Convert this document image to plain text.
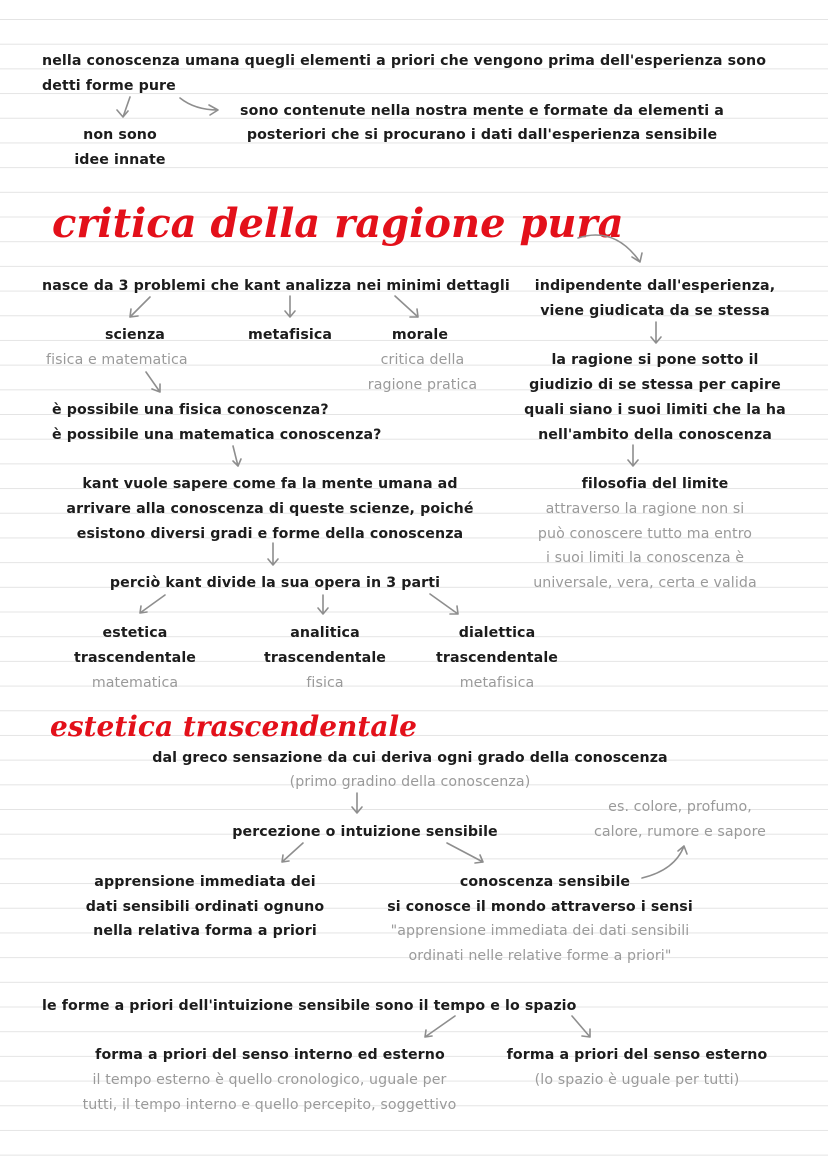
nella conoscenza umana quegli elementi a priori che vengono prima dell'esperienza sono
detti forme pure
non sono
idee innate
sono contenute nella nostra mente e formate da elementi a
posteriori che si procurano i dati dall'esperienza sensibile
critica della ragione pura
nasce da 3 problemi che kant analizza nei minimi dettagli
scienza
fisica e matematica
metafisica	morale
critica della
ragione pratica
è possibile una fisica conoscenza?
è possibile una matematica conoscenza?
kant vuole sapere come fa la mente umana ad
arrivare alla conoscenza di queste scienze, poiché
esistono diversi gradi e forme della conoscenza
perciò kant divide la sua opera in 3 parti
estetica
trascendentale
matematica
analitica
trascendentale
fisica
dialettica
trascendentale
metafisica
indipendente dall'esperienza,
viene giudicata da se stessa
la ragione si pone sotto il
giudizio di se stessa per capire
quali siano i suoi limiti che la ha
nell'ambito della conoscenza
filosofia del limite
attraverso la ragione non si
può conoscere tutto ma entro
i suoi limiti la conoscenza è
universale, vera, certa e valida
estetica trascendentale
dal greco sensazione da cui deriva ogni grado della conoscenza
(primo gradino della conoscenza)
percezione o intuizione sensibile
es. colore, profumo,
calore, rumore e sapore
apprensione immediata dei
dati sensibili ordinati ognuno
nella relativa forma a priori
conoscenza sensibile
si conosce il mondo attraverso i sensi
"apprensione immediata dei dati sensibili
ordinati nelle relative forme a priori"
le forme a priori dell'intuizione sensibile sono il tempo e lo spazio
forma a priori del senso interno ed esterno
il tempo esterno è quello cronologico, uguale per
tutti, il tempo interno e quello percepito, soggettivo
forma a priori del senso esterno
(lo spazio è uguale per tutti)
